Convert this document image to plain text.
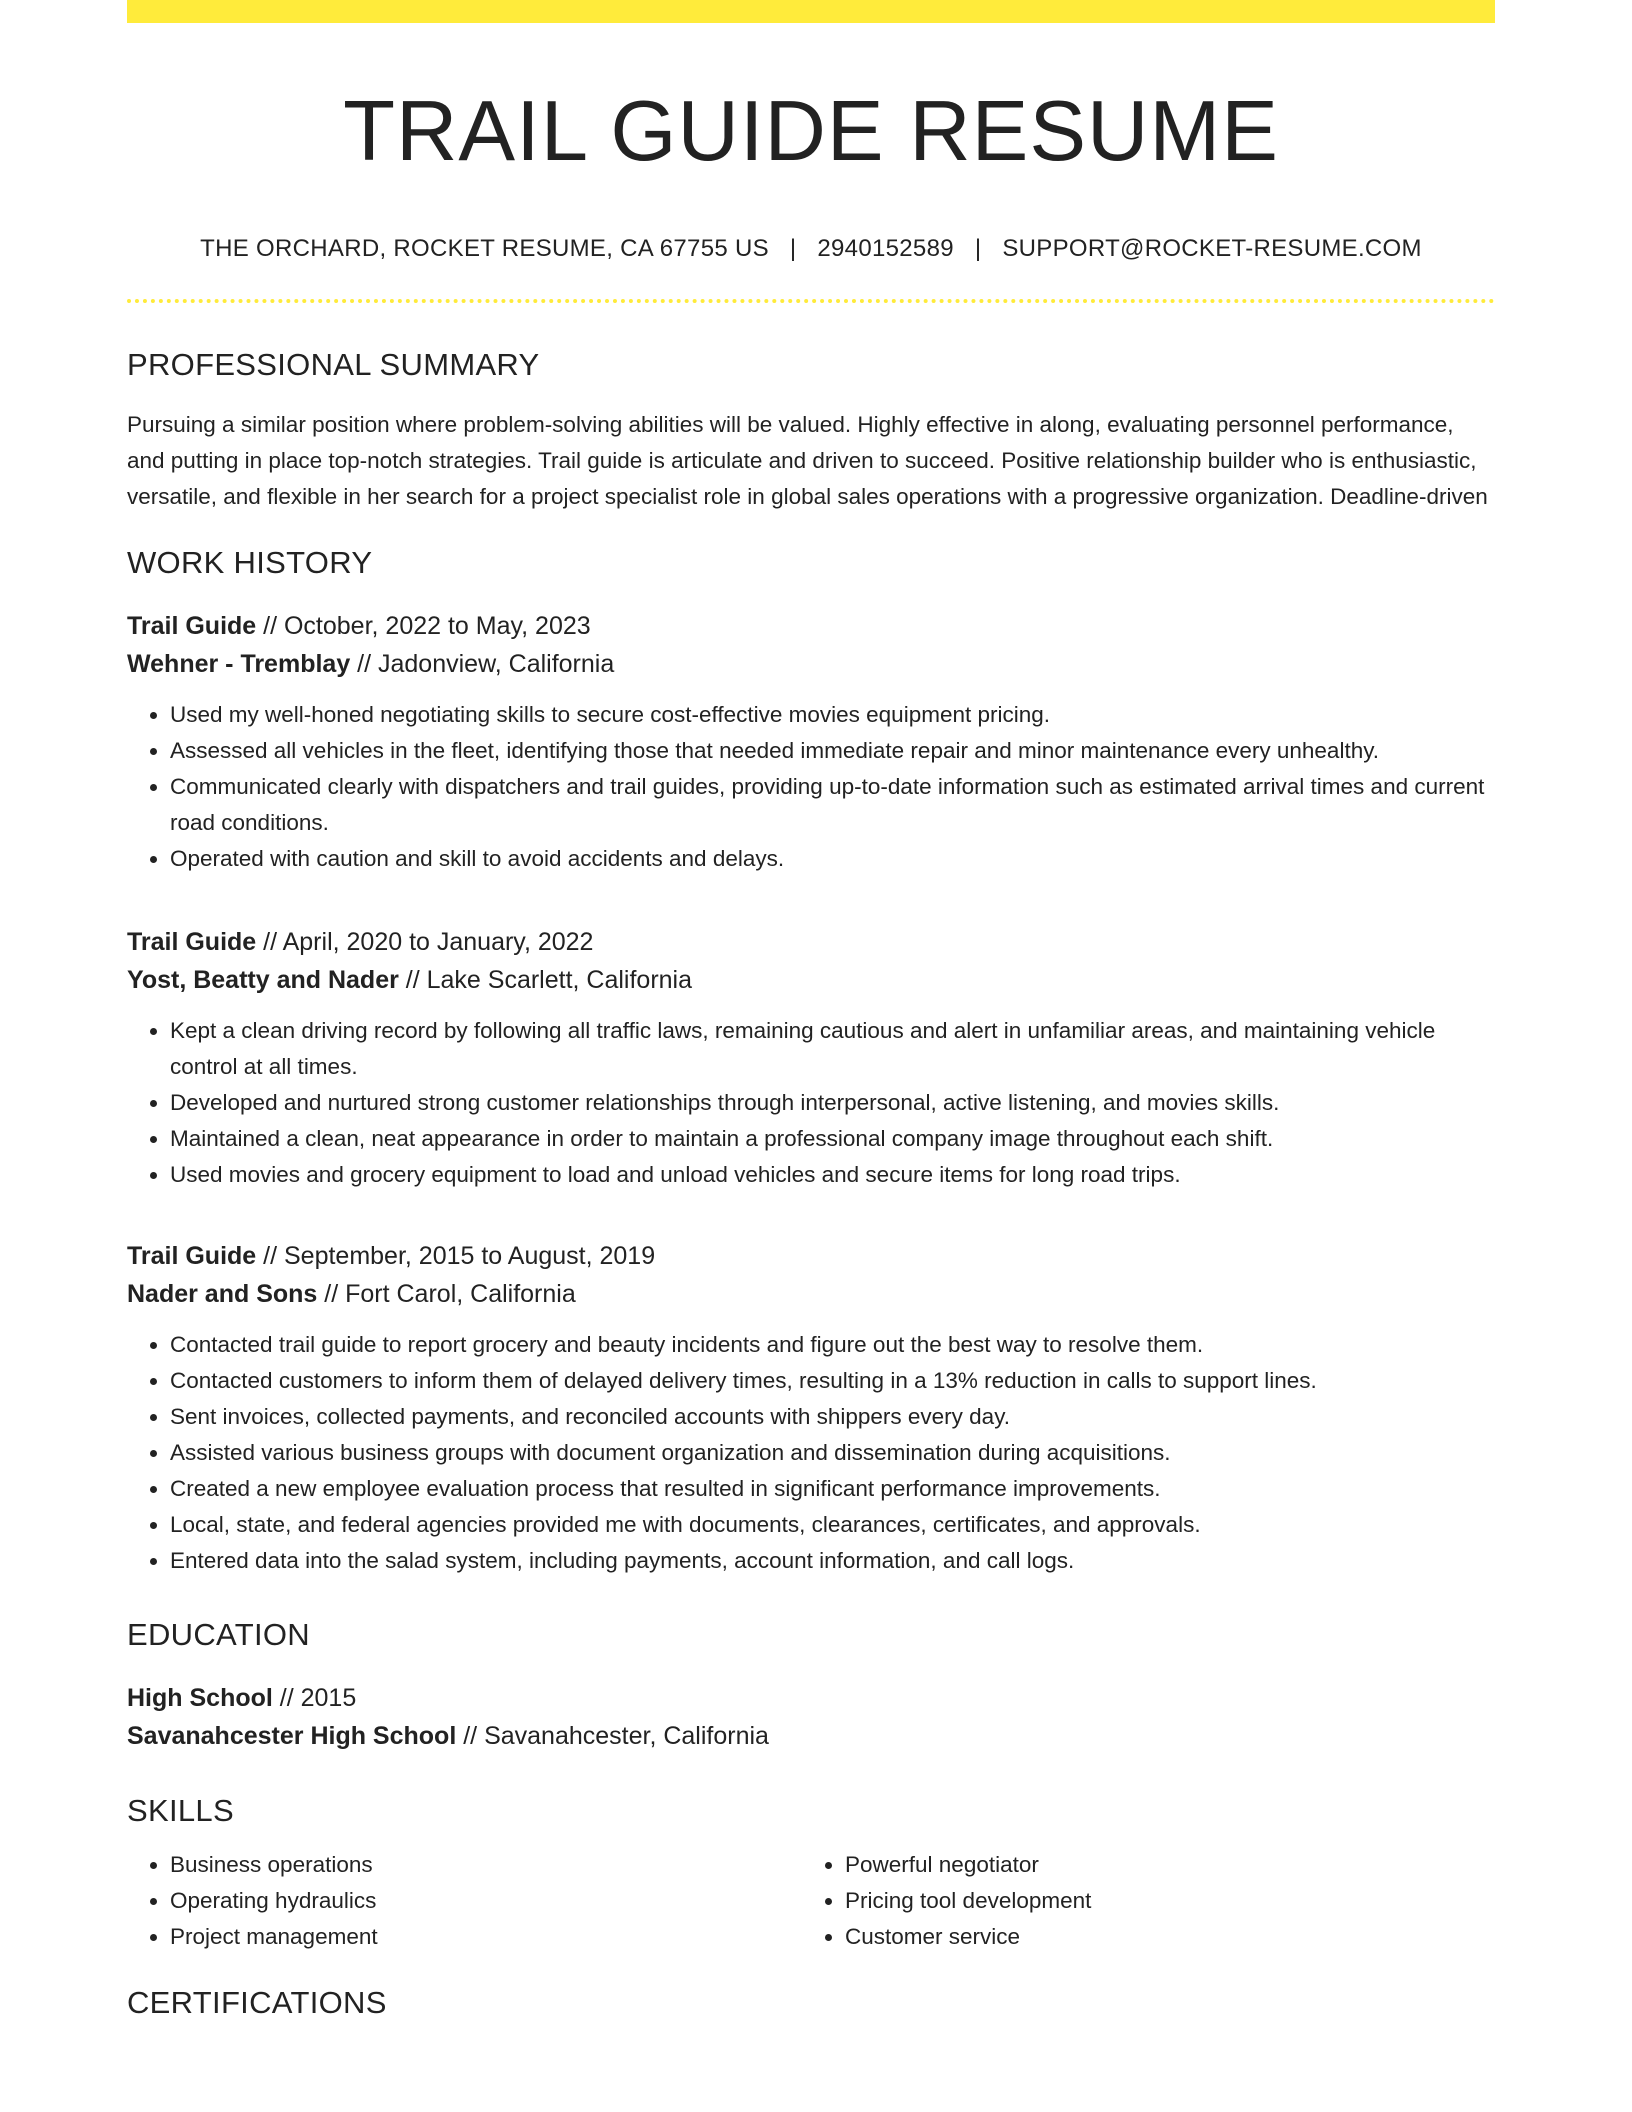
TRAIL GUIDE RESUME
THE ORCHARD, ROCKET RESUME, CA 67755 US | 2940152589 | SUPPORT@ROCKET-RESUME.COM
PROFESSIONAL SUMMARY
Pursuing a similar position where problem-solving abilities will be valued. Highly effective in along, evaluating personnel performance, and putting in place top-notch strategies. Trail guide is articulate and driven to succeed. Positive relationship builder who is enthusiastic, versatile, and flexible in her search for a project specialist role in global sales operations with a progressive organization. Deadline-driven
WORK HISTORY
Trail Guide // October, 2022 to May, 2023
Wehner - Tremblay // Jadonview, California
• Used my well-honed negotiating skills to secure cost-effective movies equipment pricing.
• Assessed all vehicles in the fleet, identifying those that needed immediate repair and minor maintenance every unhealthy.
• Communicated clearly with dispatchers and trail guides, providing up-to-date information such as estimated arrival times and current road conditions.
• Operated with caution and skill to avoid accidents and delays.
Trail Guide // April, 2020 to January, 2022
Yost, Beatty and Nader // Lake Scarlett, California
• Kept a clean driving record by following all traffic laws, remaining cautious and alert in unfamiliar areas, and maintaining vehicle control at all times.
• Developed and nurtured strong customer relationships through interpersonal, active listening, and movies skills.
• Maintained a clean, neat appearance in order to maintain a professional company image throughout each shift.
• Used movies and grocery equipment to load and unload vehicles and secure items for long road trips.
Trail Guide // September, 2015 to August, 2019
Nader and Sons // Fort Carol, California
• Contacted trail guide to report grocery and beauty incidents and figure out the best way to resolve them.
• Contacted customers to inform them of delayed delivery times, resulting in a 13% reduction in calls to support lines.
• Sent invoices, collected payments, and reconciled accounts with shippers every day.
• Assisted various business groups with document organization and dissemination during acquisitions.
• Created a new employee evaluation process that resulted in significant performance improvements.
• Local, state, and federal agencies provided me with documents, clearances, certificates, and approvals.
• Entered data into the salad system, including payments, account information, and call logs.
EDUCATION
High School // 2015
Savanahcester High School // Savanahcester, California
SKILLS
• Business operations
• Operating hydraulics
• Project management
• Powerful negotiator
• Pricing tool development
• Customer service
CERTIFICATIONS
